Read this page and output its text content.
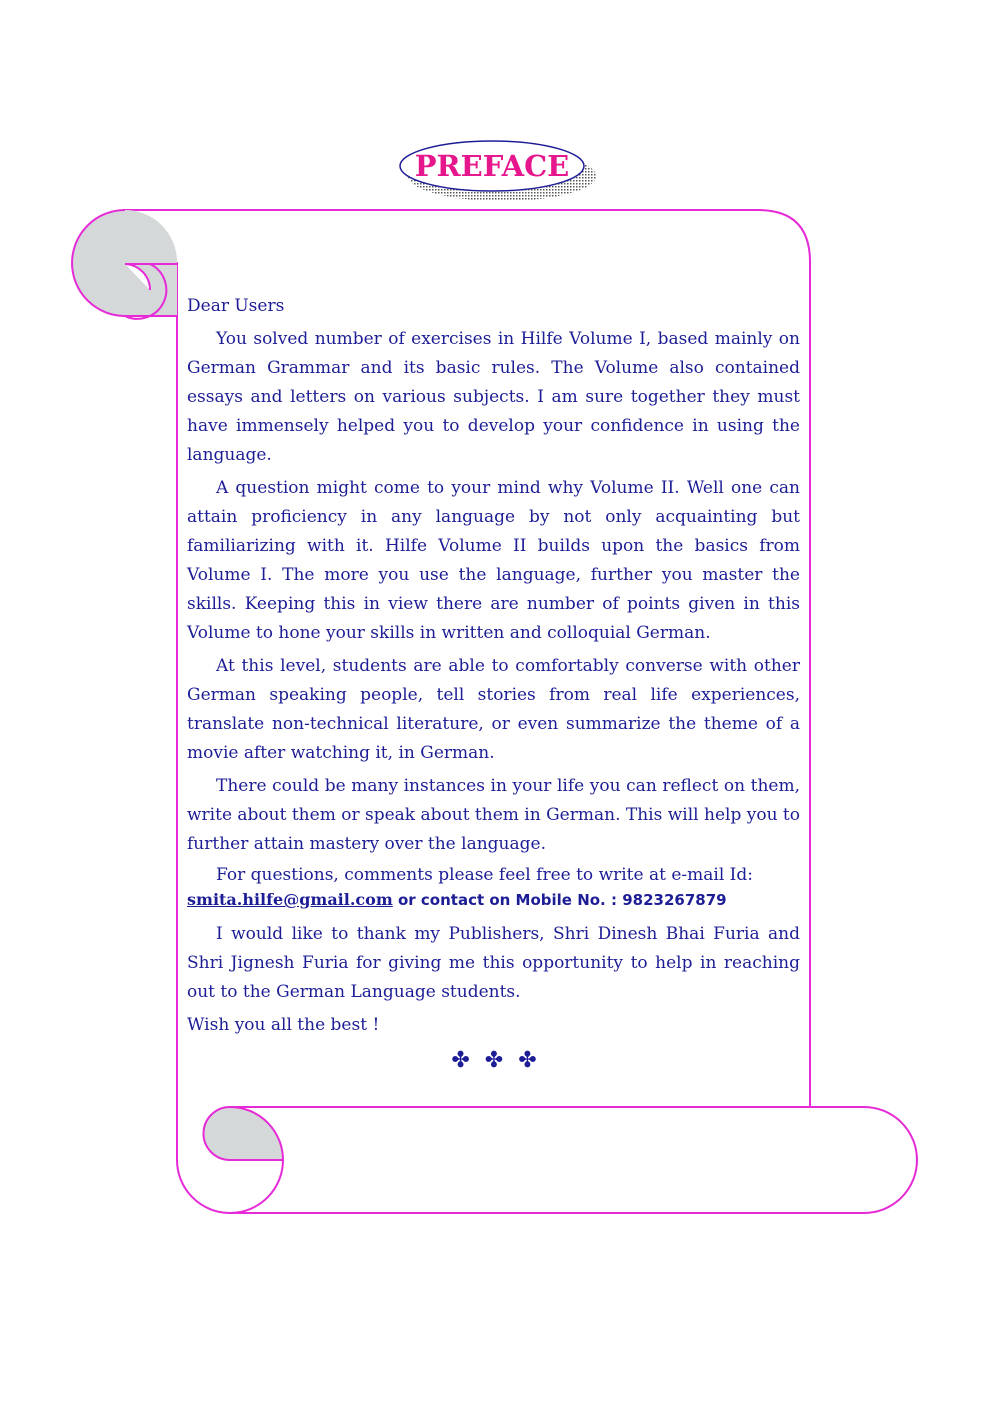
PREFACE

Dear Users

You solved number of exercises in Hilfe Volume I, based mainly on German Grammar and its basic rules. The Volume also contained essays and letters on various subjects. I am sure together they must have immensely helped you to develop your confidence in using the language.

A question might come to your mind why Volume II. Well one can attain proficiency in any language by not only acquainting but familiarizing with it. Hilfe Volume II builds upon the basics from Volume I. The more you use the language, further you master the skills. Keeping this in view there are number of points given in this Volume to hone your skills in written and colloquial German.

At this level, students are able to comfortably converse with other German speaking people, tell stories from real life experiences, translate non-technical literature, or even summarize the theme of a movie after watching it, in German.

There could be many instances in your life you can reflect on them, write about them or speak about them in German. This will help you to further attain mastery over the language.

For questions, comments please feel free to write at e-mail Id:

smita.hilfe@gmail.com or contact on Mobile No. : 9823267879

I would like to thank my Publishers, Shri Dinesh Bhai Furia and Shri Jignesh Furia for giving me this opportunity to help in reaching out to the German Language students.

Wish you all the best !

✤ ✤ ✤
